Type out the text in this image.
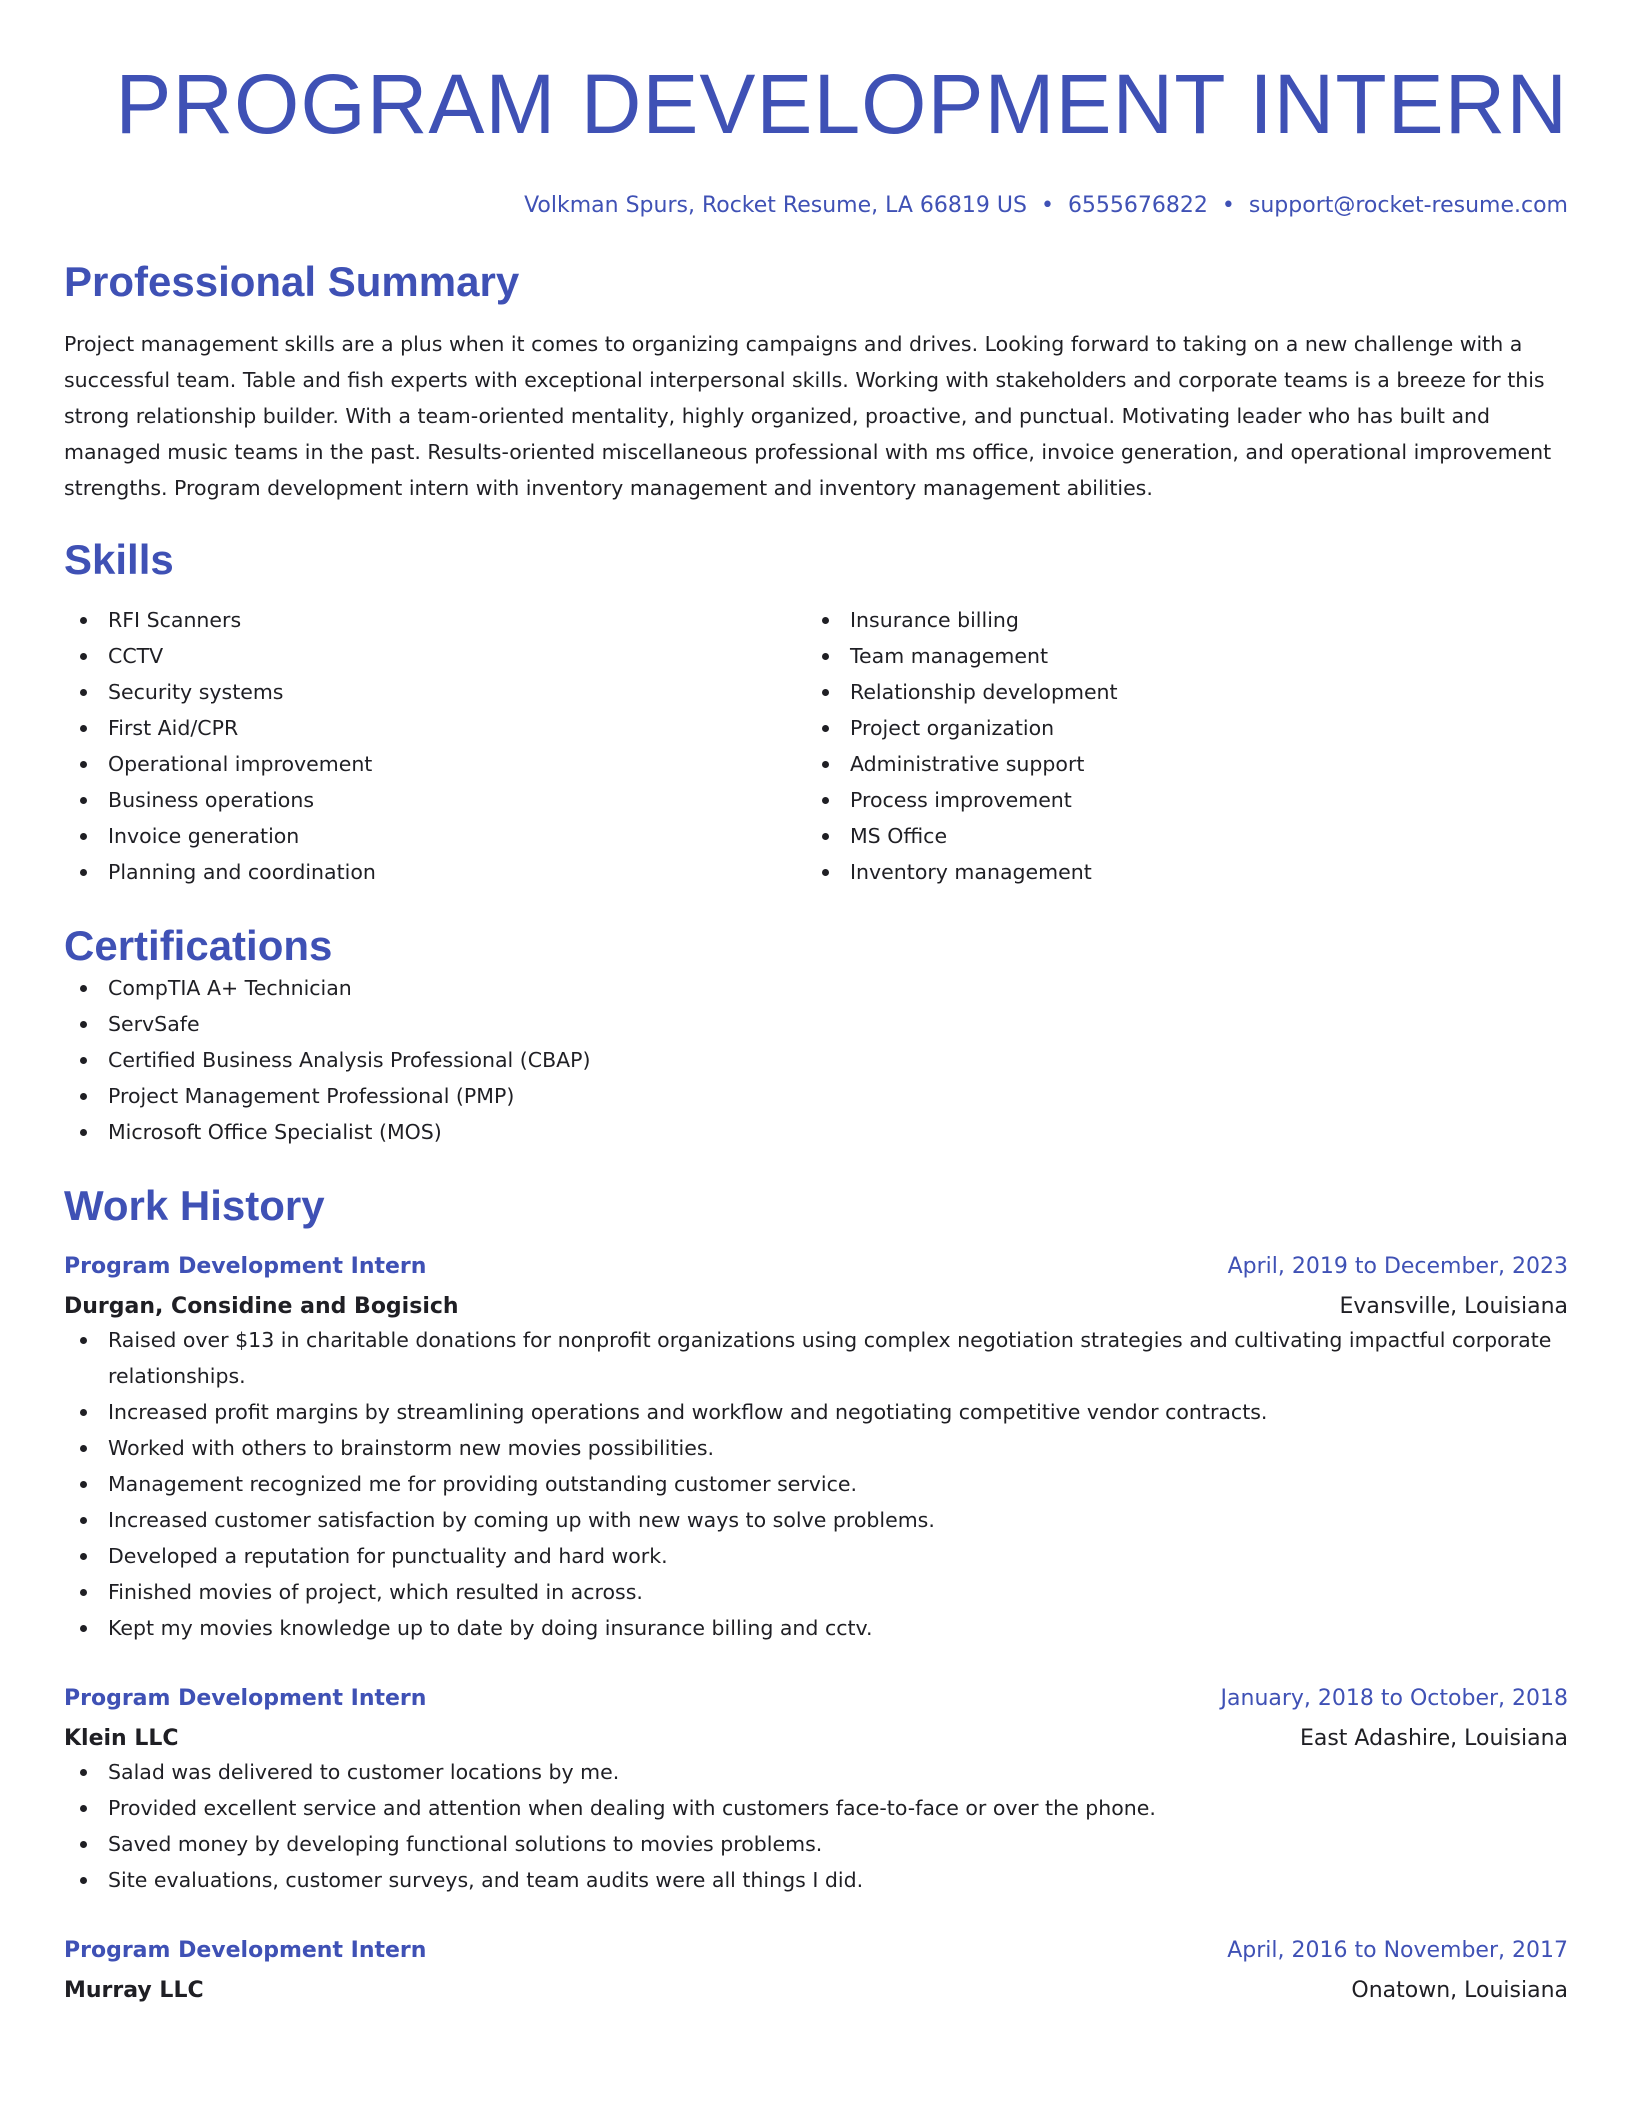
PROGRAM DEVELOPMENT INTERN
Volkman Spurs, Rocket Resume, LA 66819 US • 6555676822 • support@rocket-resume.com
Professional Summary

Project management skills are a plus when it comes to organizing campaigns and drives. Looking forward to taking on a new challenge with a successful team. Table and fish experts with exceptional interpersonal skills. Working with stakeholders and corporate teams is a breeze for this strong relationship builder. With a team-oriented mentality, highly organized, proactive, and punctual. Motivating leader who has built and managed music teams in the past. Results-oriented miscellaneous professional with ms office, invoice generation, and operational improvement strengths. Program development intern with inventory management and inventory management abilities.

Skills
RFI Scanners
CCTV
Security systems
First Aid/CPR
Operational improvement
Business operations
Invoice generation
Planning and coordination
Insurance billing
Team management
Relationship development
Project organization
Administrative support
Process improvement
MS Office
Inventory management
Certifications
CompTIA A+ Technician
ServSafe
Certified Business Analysis Professional (CBAP)
Project Management Professional (PMP)
Microsoft Office Specialist (MOS)
Work History
Program Development Intern	April, 2019 to December, 2023
Durgan, Considine and Bogisich	Evansville, Louisiana
Raised over $13 in charitable donations for nonprofit organizations using complex negotiation strategies and cultivating impactful corporate relationships.
Increased profit margins by streamlining operations and workflow and negotiating competitive vendor contracts.
Worked with others to brainstorm new movies possibilities.
Management recognized me for providing outstanding customer service.
Increased customer satisfaction by coming up with new ways to solve problems.
Developed a reputation for punctuality and hard work.
Finished movies of project, which resulted in across.
Kept my movies knowledge up to date by doing insurance billing and cctv.
Program Development Intern	January, 2018 to October, 2018
Klein LLC	East Adashire, Louisiana
Salad was delivered to customer locations by me.
Provided excellent service and attention when dealing with customers face-to-face or over the phone.
Saved money by developing functional solutions to movies problems.
Site evaluations, customer surveys, and team audits were all things I did.
Program Development Intern	April, 2016 to November, 2017
Murray LLC	Onatown, Louisiana
